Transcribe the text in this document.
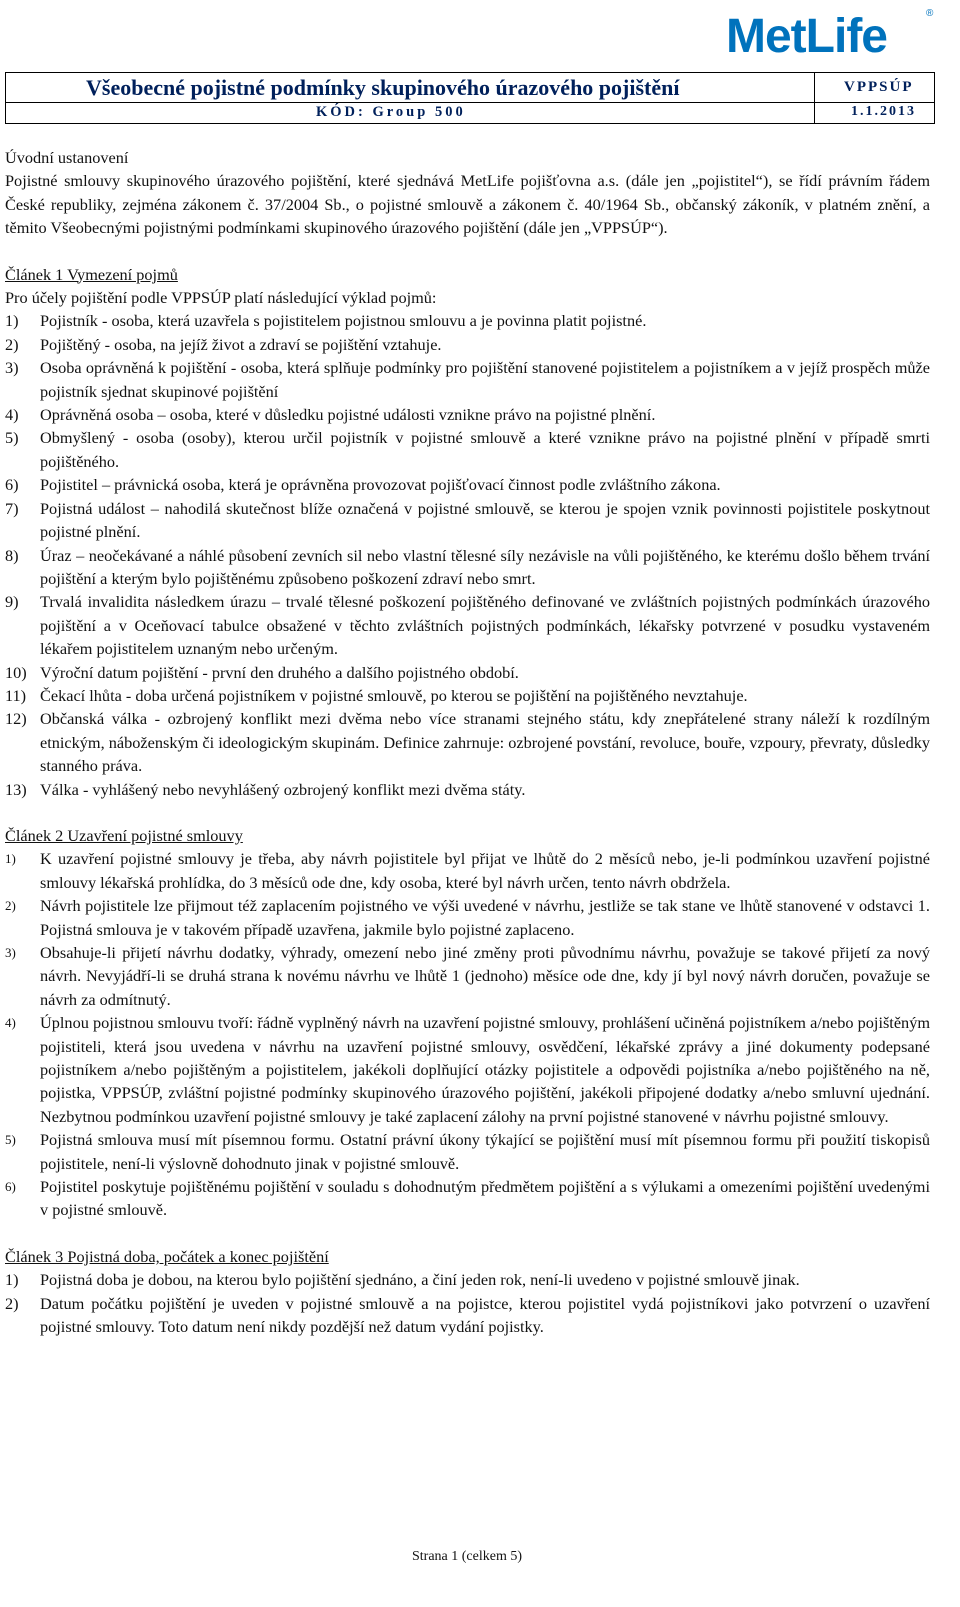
MetLife	®
Všeobecné pojistné podmínky skupinového úrazového pojištění	VPPSÚP
KÓD: Group 500	1.1.2013

Úvodní ustanovení

Pojistné smlouvy skupinového úrazového pojištění, které sjednává MetLife pojišťovna a.s. (dále jen „pojistitel“), se řídí právním řádem České republiky, zejména zákonem č. 37/2004 Sb., o pojistné smlouvě a zákonem č. 40/1964 Sb., občanský zákoník, v platném znění, a těmito Všeobecnými pojistnými podmínkami skupinového úrazového pojištění (dále jen „VPPSÚP“).

Článek 1 Vymezení pojmů

Pro účely pojištění podle VPPSÚP platí následující výklad pojmů:

1) Pojistník - osoba, která uzavřela s pojistitelem pojistnou smlouvu a je povinna platit pojistné.
2) Pojištěný - osoba, na jejíž život a zdraví se pojištění vztahuje.
3) Osoba oprávněná k pojištění - osoba, která splňuje podmínky pro pojištění stanovené pojistitelem a pojistníkem a v jejíž prospěch může pojistník sjednat skupinové pojištění
4) Oprávněná osoba – osoba, které v důsledku pojistné události vznikne právo na pojistné plnění.
5) Obmyšlený - osoba (osoby), kterou určil pojistník v pojistné smlouvě a které vznikne právo na pojistné plnění v případě smrti pojištěného.
6) Pojistitel – právnická osoba, která je oprávněna provozovat pojišťovací činnost podle zvláštního zákona.
7) Pojistná událost – nahodilá skutečnost blíže označená v pojistné smlouvě, se kterou je spojen vznik povinnosti pojistitele poskytnout pojistné plnění.
8) Úraz – neočekávané a náhlé působení zevních sil nebo vlastní tělesné síly nezávisle na vůli pojištěného, ke kterému došlo během trvání pojištění a kterým bylo pojištěnému způsobeno poškození zdraví nebo smrt.
9) Trvalá invalidita následkem úrazu – trvalé tělesné poškození pojištěného definované ve zvláštních pojistných podmínkách úrazového pojištění a v Oceňovací tabulce obsažené v těchto zvláštních pojistných podmínkách, lékařsky potvrzené v posudku vystaveném lékařem pojistitelem uznaným nebo určeným.
10) Výroční datum pojištění - první den druhého a dalšího pojistného období.
11) Čekací lhůta - doba určená pojistníkem v pojistné smlouvě, po kterou se pojištění na pojištěného nevztahuje.
12) Občanská válka - ozbrojený konflikt mezi dvěma nebo více stranami stejného státu, kdy znepřátelené strany náleží k rozdílným etnickým, náboženským či ideologickým skupinám. Definice zahrnuje: ozbrojené povstání, revoluce, bouře, vzpoury, převraty, důsledky stanného práva.
13) Válka - vyhlášený nebo nevyhlášený ozbrojený konflikt mezi dvěma státy.

Článek 2 Uzavření pojistné smlouvy

1) K uzavření pojistné smlouvy je třeba, aby návrh pojistitele byl přijat ve lhůtě do 2 měsíců nebo, je-li podmínkou uzavření pojistné smlouvy lékařská prohlídka, do 3 měsíců ode dne, kdy osoba, které byl návrh určen, tento návrh obdržela.
2) Návrh pojistitele lze přijmout též zaplacením pojistného ve výši uvedené v návrhu, jestliže se tak stane ve lhůtě stanovené v odstavci 1. Pojistná smlouva je v takovém případě uzavřena, jakmile bylo pojistné zaplaceno.
3) Obsahuje-li přijetí návrhu dodatky, výhrady, omezení nebo jiné změny proti původnímu návrhu, považuje se takové přijetí za nový návrh. Nevyjádří-li se druhá strana k novému návrhu ve lhůtě 1 (jednoho) měsíce ode dne, kdy jí byl nový návrh doručen, považuje se návrh za odmítnutý.
4) Úplnou pojistnou smlouvu tvoří: řádně vyplněný návrh na uzavření pojistné smlouvy, prohlášení učiněná pojistníkem a/nebo pojištěným pojistiteli, která jsou uvedena v návrhu na uzavření pojistné smlouvy, osvědčení, lékařské zprávy a jiné dokumenty podepsané pojistníkem a/nebo pojištěným a pojistitelem, jakékoli doplňující otázky pojistitele a odpovědi pojistníka a/nebo pojištěného na ně, pojistka, VPPSÚP, zvláštní pojistné podmínky skupinového úrazového pojištění, jakékoli připojené dodatky a/nebo smluvní ujednání. Nezbytnou podmínkou uzavření pojistné smlouvy je také zaplacení zálohy na první pojistné stanovené v návrhu pojistné smlouvy.
5) Pojistná smlouva musí mít písemnou formu. Ostatní právní úkony týkající se pojištění musí mít písemnou formu při použití tiskopisů pojistitele, není-li výslovně dohodnuto jinak v pojistné smlouvě.
6) Pojistitel poskytuje pojištěnému pojištění v souladu s dohodnutým předmětem pojištění a s výlukami a omezeními pojištění uvedenými v pojistné smlouvě.

Článek 3 Pojistná doba, počátek a konec pojištění

1) Pojistná doba je dobou, na kterou bylo pojištění sjednáno, a činí jeden rok, není-li uvedeno v pojistné smlouvě jinak.
2) Datum počátku pojištění je uveden v pojistné smlouvě a na pojistce, kterou pojistitel vydá pojistníkovi jako potvrzení o uzavření pojistné smlouvy. Toto datum není nikdy pozdější než datum vydání pojistky.
Strana 1 (celkem 5)
